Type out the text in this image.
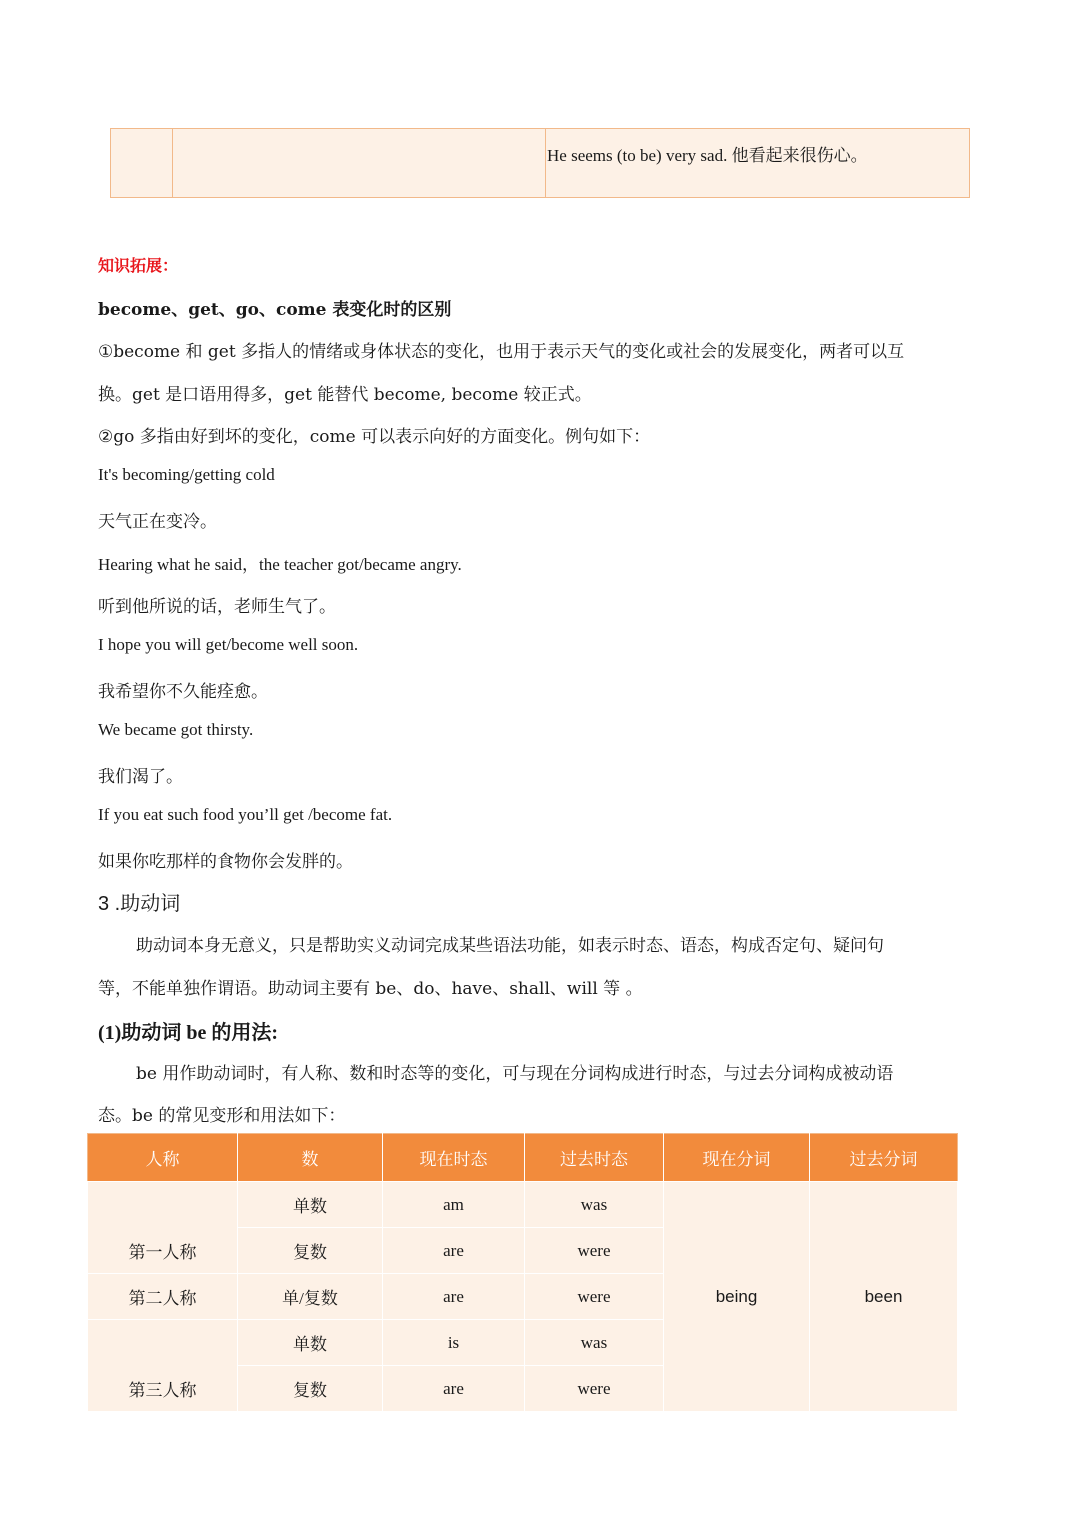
		He seems (to be) very sad. 他看起来很伤心。
知识拓展：
become、get、go、come 表变化时的区别
①become 和 get 多指人的情绪或身体状态的变化，也用于表示天气的变化或社会的发展变化，两者可以互
换。get 是口语用得多，get 能替代 become, become 较正式。
②go 多指由好到坏的变化，come 可以表示向好的方面变化。例句如下：
It's becoming/getting cold
天气正在变冷。
Hearing what he said，the teacher got/became angry.
听到他所说的话，老师生气了。
I hope you will get/become well soon.
我希望你不久能痊愈。
We became got thirsty.
我们渴了。
If you eat such food you’ll get /become fat.
如果你吃那样的食物你会发胖的。
3 .助动词
助动词本身无意义，只是帮助实义动词完成某些语法功能，如表示时态、语态，构成否定句、疑问句
等，不能单独作谓语。助动词主要有 be、do、have、shall、will 等 。
(1)助动词 be 的用法:
be 用作助动词时，有人称、数和时态等的变化，可与现在分词构成进行时态，与过去分词构成被动语
态。be 的常见变形和用法如下：
人称	数	现在时态	过去时态	现在分词	过去分词
第一人称	单数	am	was	being	been
	复数	are	were		
第二人称	单/复数	are	were		
第三人称	单数	is	was		
	复数	are	were		
